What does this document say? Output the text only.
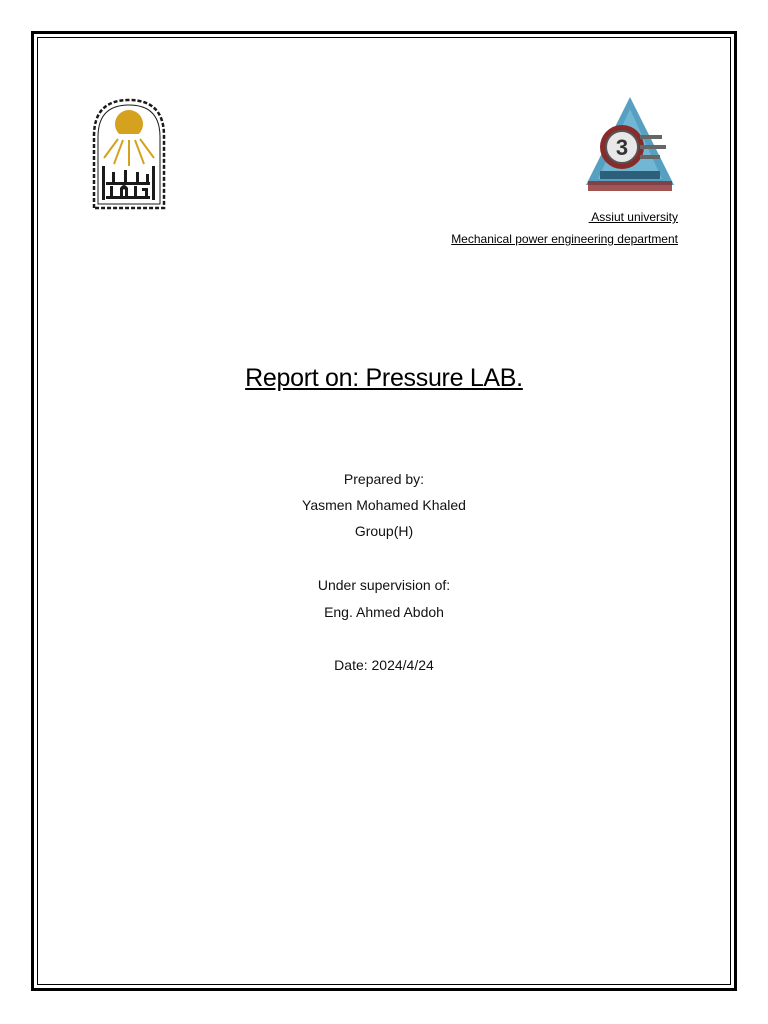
3
Assiut university
Mechanical power engineering department
Report on: Pressure LAB.
Prepared by:
Yasmen Mohamed Khaled
Group(H)
Under supervision of:
Eng. Ahmed Abdoh
Date: 2024/4/24
